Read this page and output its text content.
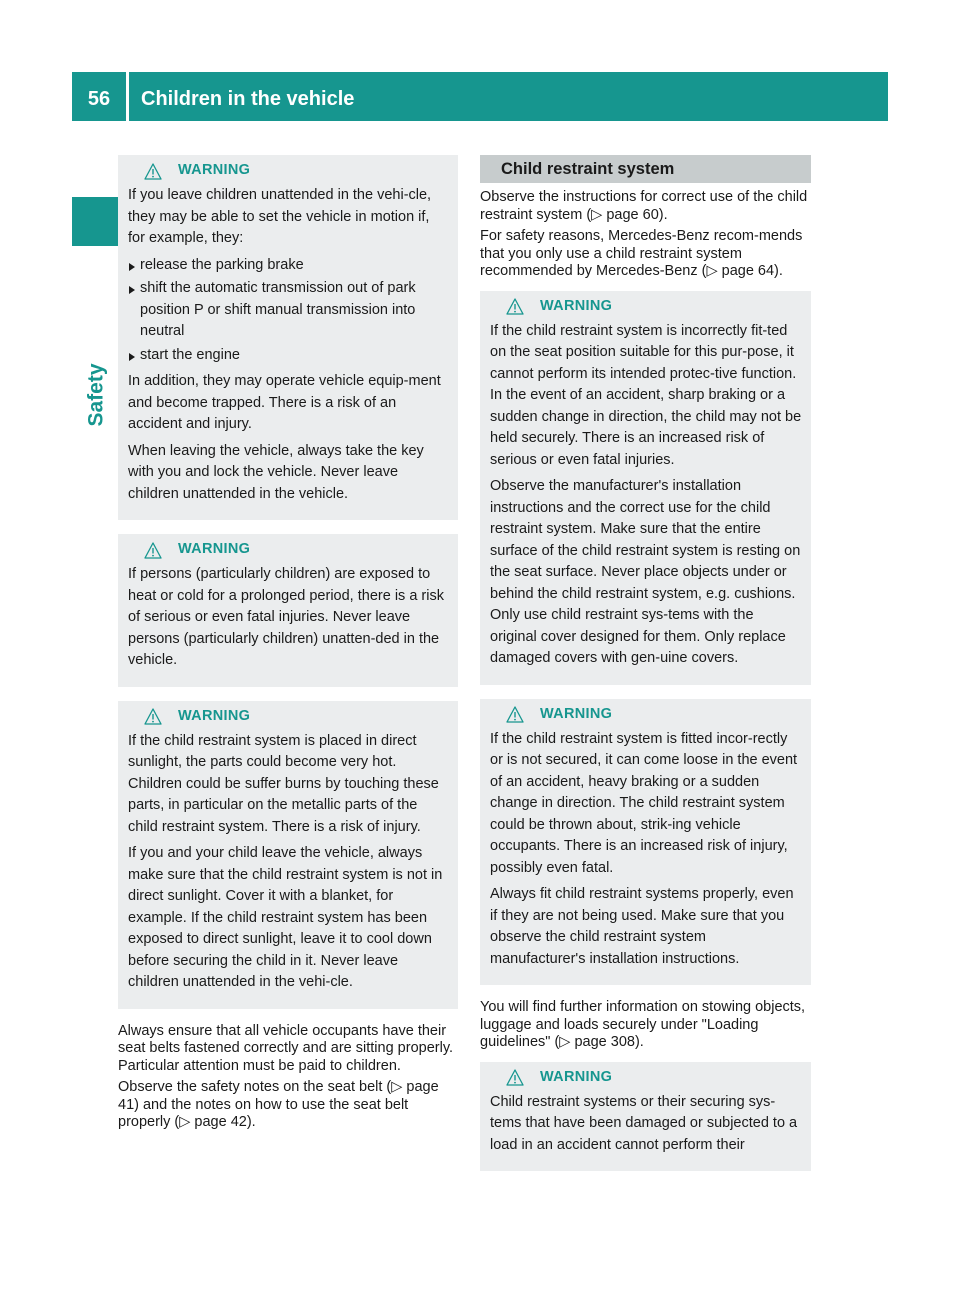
56	Children in the vehicle
Safety
WARNING

If you leave children unattended in the vehi-cle, they may be able to set the vehicle in motion if, for example, they:

release the parking brake
shift the automatic transmission out of park position P or shift manual transmission into neutral
start the engine

In addition, they may operate vehicle equip-ment and become trapped. There is a risk of an accident and injury.

When leaving the vehicle, always take the key with you and lock the vehicle. Never leave children unattended in the vehicle.

WARNING

If persons (particularly children) are exposed to heat or cold for a prolonged period, there is a risk of serious or even fatal injuries. Never leave persons (particularly children) unatten-ded in the vehicle.

WARNING

If the child restraint system is placed in direct sunlight, the parts could become very hot. Children could be suffer burns by touching these parts, in particular on the metallic parts of the child restraint system. There is a risk of injury.

If you and your child leave the vehicle, always make sure that the child restraint system is not in direct sunlight. Cover it with a blanket, for example. If the child restraint system has been exposed to direct sunlight, leave it to cool down before securing the child in it. Never leave children unattended in the vehi-cle.

Always ensure that all vehicle occupants have their seat belts fastened correctly and are sitting properly. Particular attention must be paid to children.

Observe the safety notes on the seat belt (▷ page 41) and the notes on how to use the seat belt properly (▷ page 42).

Child restraint system

Observe the instructions for correct use of the child restraint system (▷ page 60).

For safety reasons, Mercedes-Benz recom-mends that you only use a child restraint system recommended by Mercedes-Benz (▷ page 64).

WARNING

If the child restraint system is incorrectly fit-ted on the seat position suitable for this pur-pose, it cannot perform its intended protec-tive function. In the event of an accident, sharp braking or a sudden change in direction, the child may not be held securely. There is an increased risk of serious or even fatal injuries.

Observe the manufacturer's installation instructions and the correct use for the child restraint system. Make sure that the entire surface of the child restraint system is resting on the seat surface. Never place objects under or behind the child restraint system, e.g. cushions. Only use child restraint sys-tems with the original cover designed for them. Only replace damaged covers with gen-uine covers.

WARNING

If the child restraint system is fitted incor-rectly or is not secured, it can come loose in the event of an accident, heavy braking or a sudden change in direction. The child restraint system could be thrown about, strik-ing vehicle occupants. There is an increased risk of injury, possibly even fatal.

Always fit child restraint systems properly, even if they are not being used. Make sure that you observe the child restraint system manufacturer's installation instructions.

You will find further information on stowing objects, luggage and loads securely under "Loading guidelines" (▷ page 308).

WARNING

Child restraint systems or their securing sys-tems that have been damaged or subjected to a load in an accident cannot perform their
